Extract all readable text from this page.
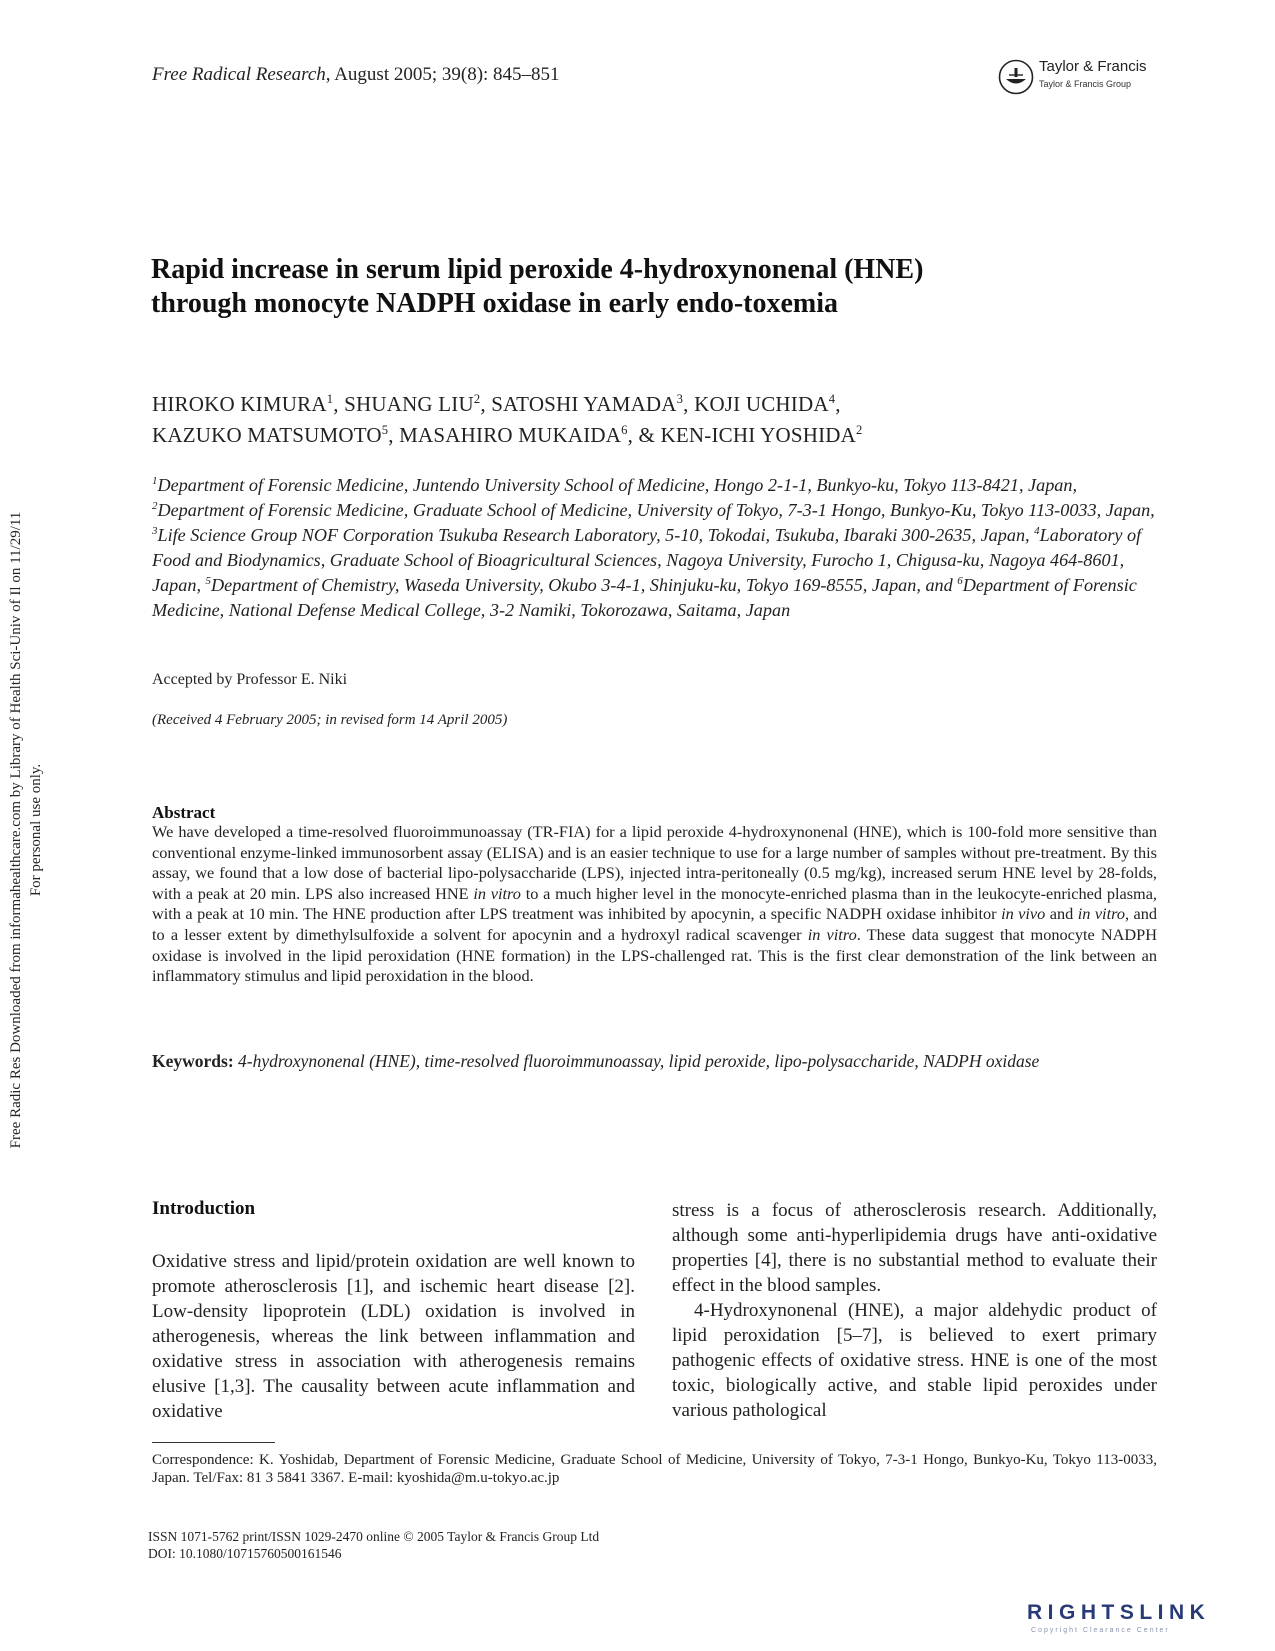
Free Radical Research, August 2005; 39(8): 845–851	Taylor & Francis
Taylor & Francis Group
Free Radic Res Downloaded from informahealthcare.com by Library of Health Sci-Univ of Il on 11/29/11 For personal use only.
Rapid increase in serum lipid peroxide 4-hydroxynonenal (HNE)
through monocyte NADPH oxidase in early endo-toxemia
HIROKO KIMURA$^1$, SHUANG LIU$^2$, SATOSHI YAMADA$^3$, KOJI UCHIDA$^4$,
KAZUKO MATSUMOTO$^5$, MASAHIRO MUKAIDA$^6$, & KEN-ICHI YOSHIDA$^2$
$^1$Department of Forensic Medicine, Juntendo University School of Medicine, Hongo 2-1-1, Bunkyo-ku, Tokyo 113-8421, Japan, $^2$Department of Forensic Medicine, Graduate School of Medicine, University of Tokyo, 7-3-1 Hongo, Bunkyo-Ku, Tokyo 113-0033, Japan, $^3$Life Science Group NOF Corporation Tsukuba Research Laboratory, 5-10, Tokodai, Tsukuba, Ibaraki 300-2635, Japan, $^4$Laboratory of Food and Biodynamics, Graduate School of Bioagricultural Sciences, Nagoya University, Furocho 1, Chigusa-ku, Nagoya 464-8601, Japan, $^5$Department of Chemistry, Waseda University, Okubo 3-4-1, Shinjuku-ku, Tokyo 169-8555, Japan, and $^6$Department of Forensic Medicine, National Defense Medical College, 3-2 Namiki, Tokorozawa, Saitama, Japan
Accepted by Professor E. Niki
(Received 4 February 2005; in revised form 14 April 2005)
Abstract
We have developed a time-resolved fluoroimmunoassay (TR-FIA) for a lipid peroxide 4-hydroxynonenal (HNE), which is 100-fold more sensitive than conventional enzyme-linked immunosorbent assay (ELISA) and is an easier technique to use for a large number of samples without pre-treatment. By this assay, we found that a low dose of bacterial lipo-polysaccharide (LPS), injected intra-peritoneally (0.5 mg/kg), increased serum HNE level by 28-folds, with a peak at 20 min. LPS also increased HNE in vitro to a much higher level in the monocyte-enriched plasma than in the leukocyte-enriched plasma, with a peak at 10 min. The HNE production after LPS treatment was inhibited by apocynin, a specific NADPH oxidase inhibitor in vivo and in vitro, and to a lesser extent by dimethylsulfoxide a solvent for apocynin and a hydroxyl radical scavenger in vitro. These data suggest that monocyte NADPH oxidase is involved in the lipid peroxidation (HNE formation) in the LPS-challenged rat. This is the first clear demonstration of the link between an inflammatory stimulus and lipid peroxidation in the blood.
Keywords: 4-hydroxynonenal (HNE), time-resolved fluoroimmunoassay, lipid peroxide, lipo-polysaccharide, NADPH oxidase
Introduction
Oxidative stress and lipid/protein oxidation are well known to promote atherosclerosis [1], and ischemic heart disease [2]. Low-density lipoprotein (LDL) oxidation is involved in atherogenesis, whereas the link between inflammation and oxidative stress in association with atherogenesis remains elusive [1,3]. The causality between acute inflammation and oxidative
stress is a focus of atherosclerosis research. Additionally, although some anti-hyperlipidemia drugs have anti-oxidative properties [4], there is no substantial method to evaluate their effect in the blood samples.
4-Hydroxynonenal (HNE), a major aldehydic product of lipid peroxidation [5–7], is believed to exert primary pathogenic effects of oxidative stress. HNE is one of the most toxic, biologically active, and stable lipid peroxides under various pathological
Correspondence: K. Yoshidab, Department of Forensic Medicine, Graduate School of Medicine, University of Tokyo, 7-3-1 Hongo, Bunkyo-Ku, Tokyo 113-0033, Japan. Tel/Fax: 81 3 5841 3367. E-mail: kyoshida@m.u-tokyo.ac.jp
ISSN 1071-5762 print/ISSN 1029-2470 online © 2005 Taylor & Francis Group Ltd
DOI: 10.1080/10715760500161546
RIGHTSLINK
Copyright Clearance Center
